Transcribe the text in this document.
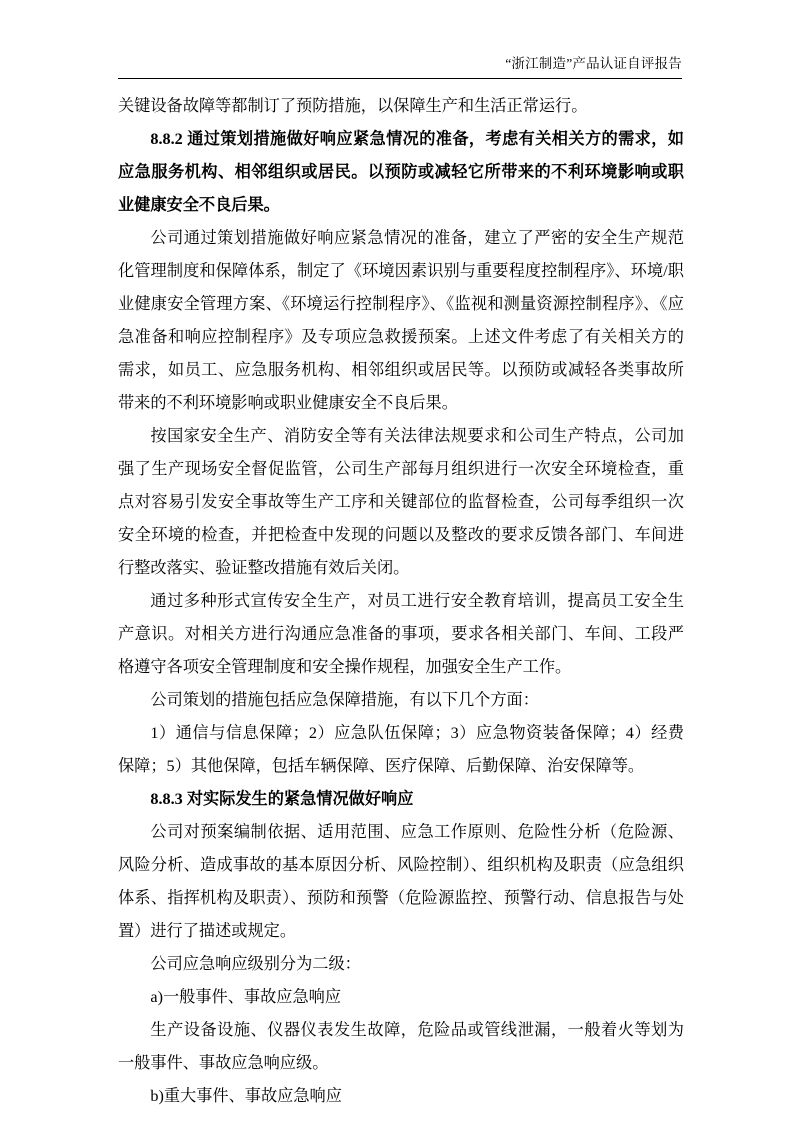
“浙江制造”产品认证自评报告

关键设备故障等都制订了预防措施，以保障生产和生活正常运行。

8.8.2 通过策划措施做好响应紧急情况的准备，考虑有关相关方的需求，如应急服务机构、相邻组织或居民。以预防或减轻它所带来的不利环境影响或职业健康安全不良后果。

公司通过策划措施做好响应紧急情况的准备，建立了严密的安全生产规范化管理制度和保障体系，制定了《环境因素识别与重要程度控制程序》、环境/职业健康安全管理方案、《环境运行控制程序》、《监视和测量资源控制程序》、《应急准备和响应控制程序》及专项应急救援预案。上述文件考虑了有关相关方的需求，如员工、应急服务机构、相邻组织或居民等。以预防或减轻各类事故所带来的不利环境影响或职业健康安全不良后果。

按国家安全生产、消防安全等有关法律法规要求和公司生产特点，公司加强了生产现场安全督促监管，公司生产部每月组织进行一次安全环境检查，重点对容易引发安全事故等生产工序和关键部位的监督检查，公司每季组织一次安全环境的检查，并把检查中发现的问题以及整改的要求反馈各部门、车间进行整改落实、验证整改措施有效后关闭。

通过多种形式宣传安全生产，对员工进行安全教育培训，提高员工安全生产意识。对相关方进行沟通应急准备的事项，要求各相关部门、车间、工段严格遵守各项安全管理制度和安全操作规程，加强安全生产工作。

公司策划的措施包括应急保障措施，有以下几个方面：

1）通信与信息保障；2）应急队伍保障；3）应急物资装备保障；4）经费保障；5）其他保障，包括车辆保障、医疗保障、后勤保障、治安保障等。

8.8.3 对实际发生的紧急情况做好响应

公司对预案编制依据、适用范围、应急工作原则、危险性分析（危险源、风险分析、造成事故的基本原因分析、风险控制）、组织机构及职责（应急组织体系、指挥机构及职责）、预防和预警（危险源监控、预警行动、信息报告与处置）进行了描述或规定。

公司应急响应级别分为二级：

a)一般事件、事故应急响应

生产设备设施、仪器仪表发生故障，危险品或管线泄漏，一般着火等划为一般事件、事故应急响应级。

b)重大事件、事故应急响应
